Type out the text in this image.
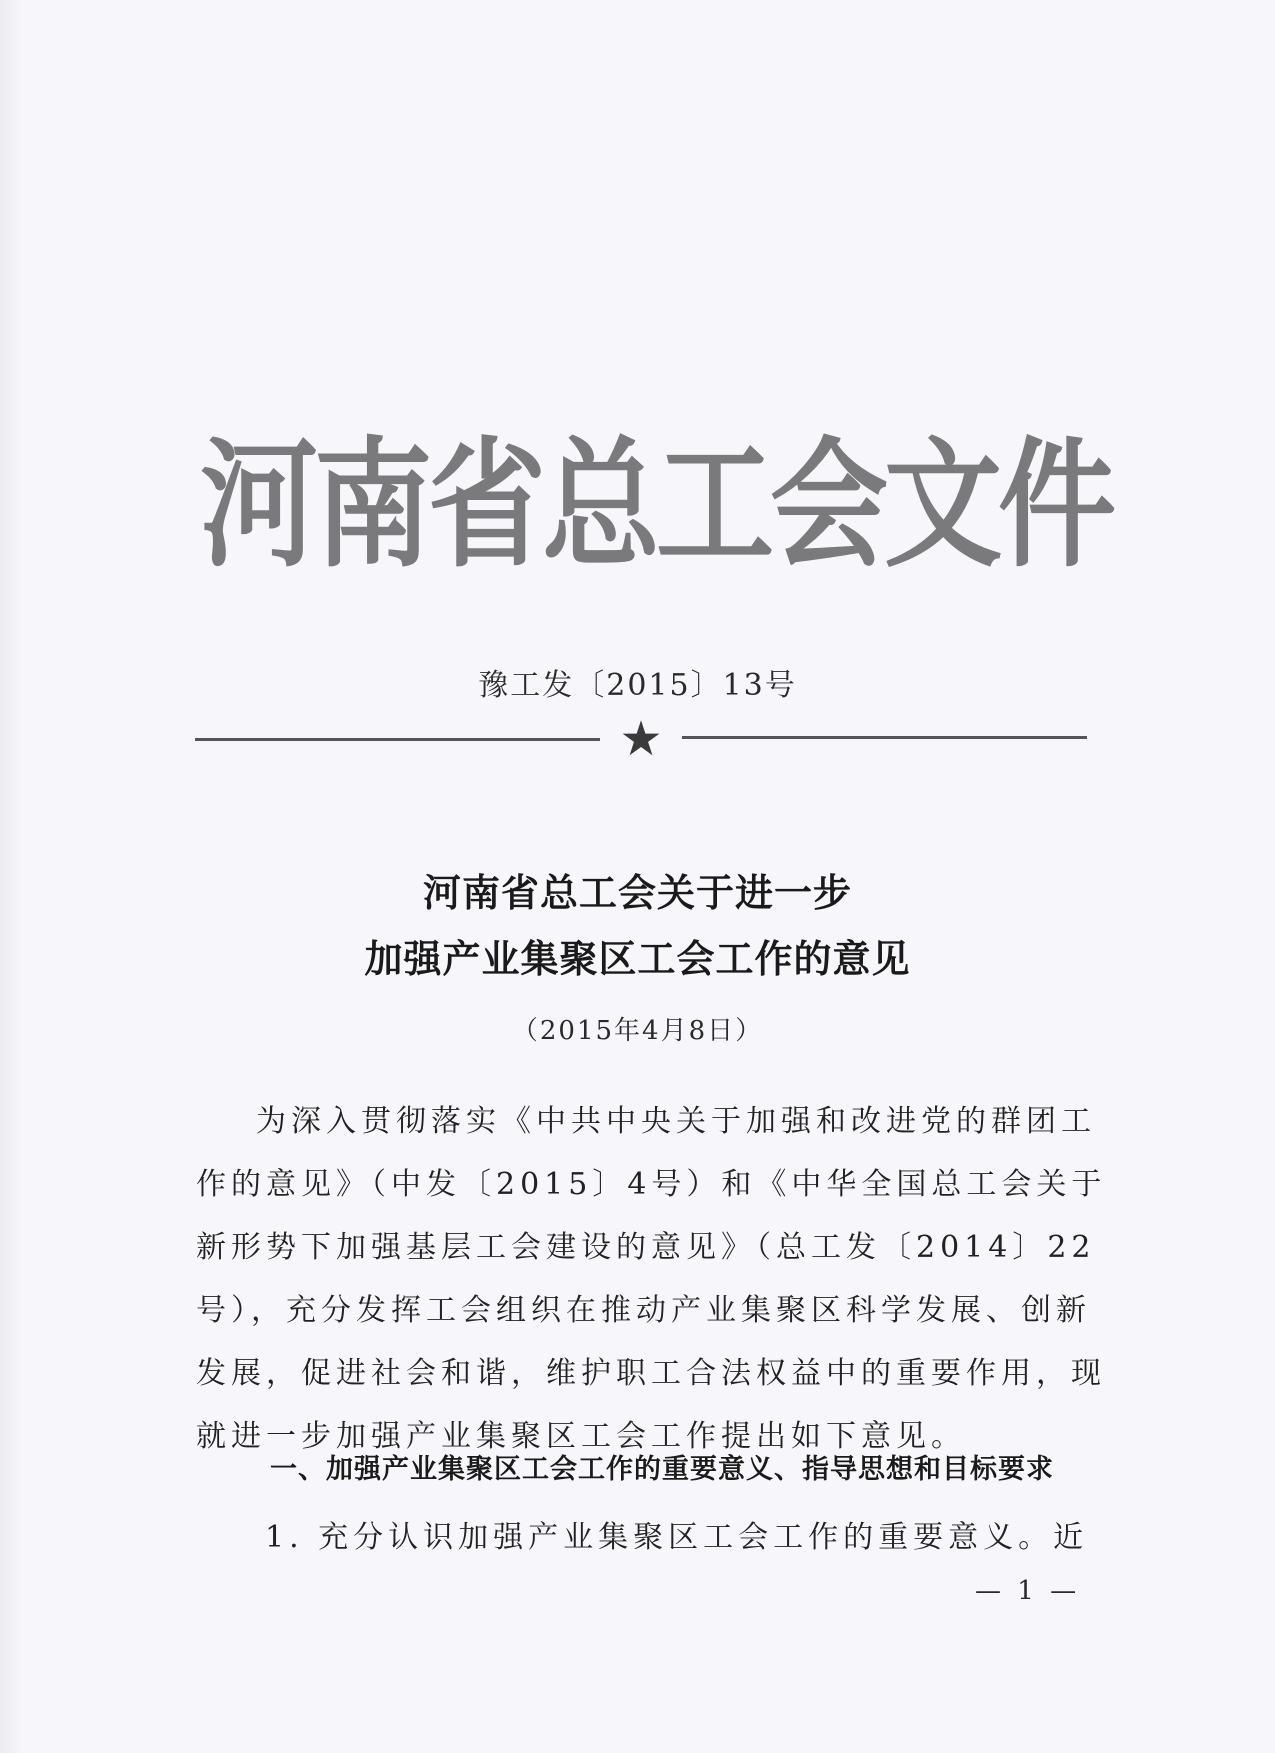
河 南 省 总 工 会 文 件
豫工发〔2015〕13号
★
河南省总工会关于进一步
加强产业集聚区工会工作的意见
（2015年4月8日）
为深入贯彻落实《中共中央关于加强和改进党的群团工
作的意见》（中发〔2015〕4号）和《中华全国总工会关于
新形势下加强基层工会建设的意见》（总工发〔2014〕22
号），充分发挥工会组织在推动产业集聚区科学发展、创新
发展，促进社会和谐，维护职工合法权益中的重要作用，现
就进一步加强产业集聚区工会工作提出如下意见。
一、加强产业集聚区工会工作的重要意义、指导思想和目标要求
1. 充分认识加强产业集聚区工会工作的重要意义。近
— 1 —
